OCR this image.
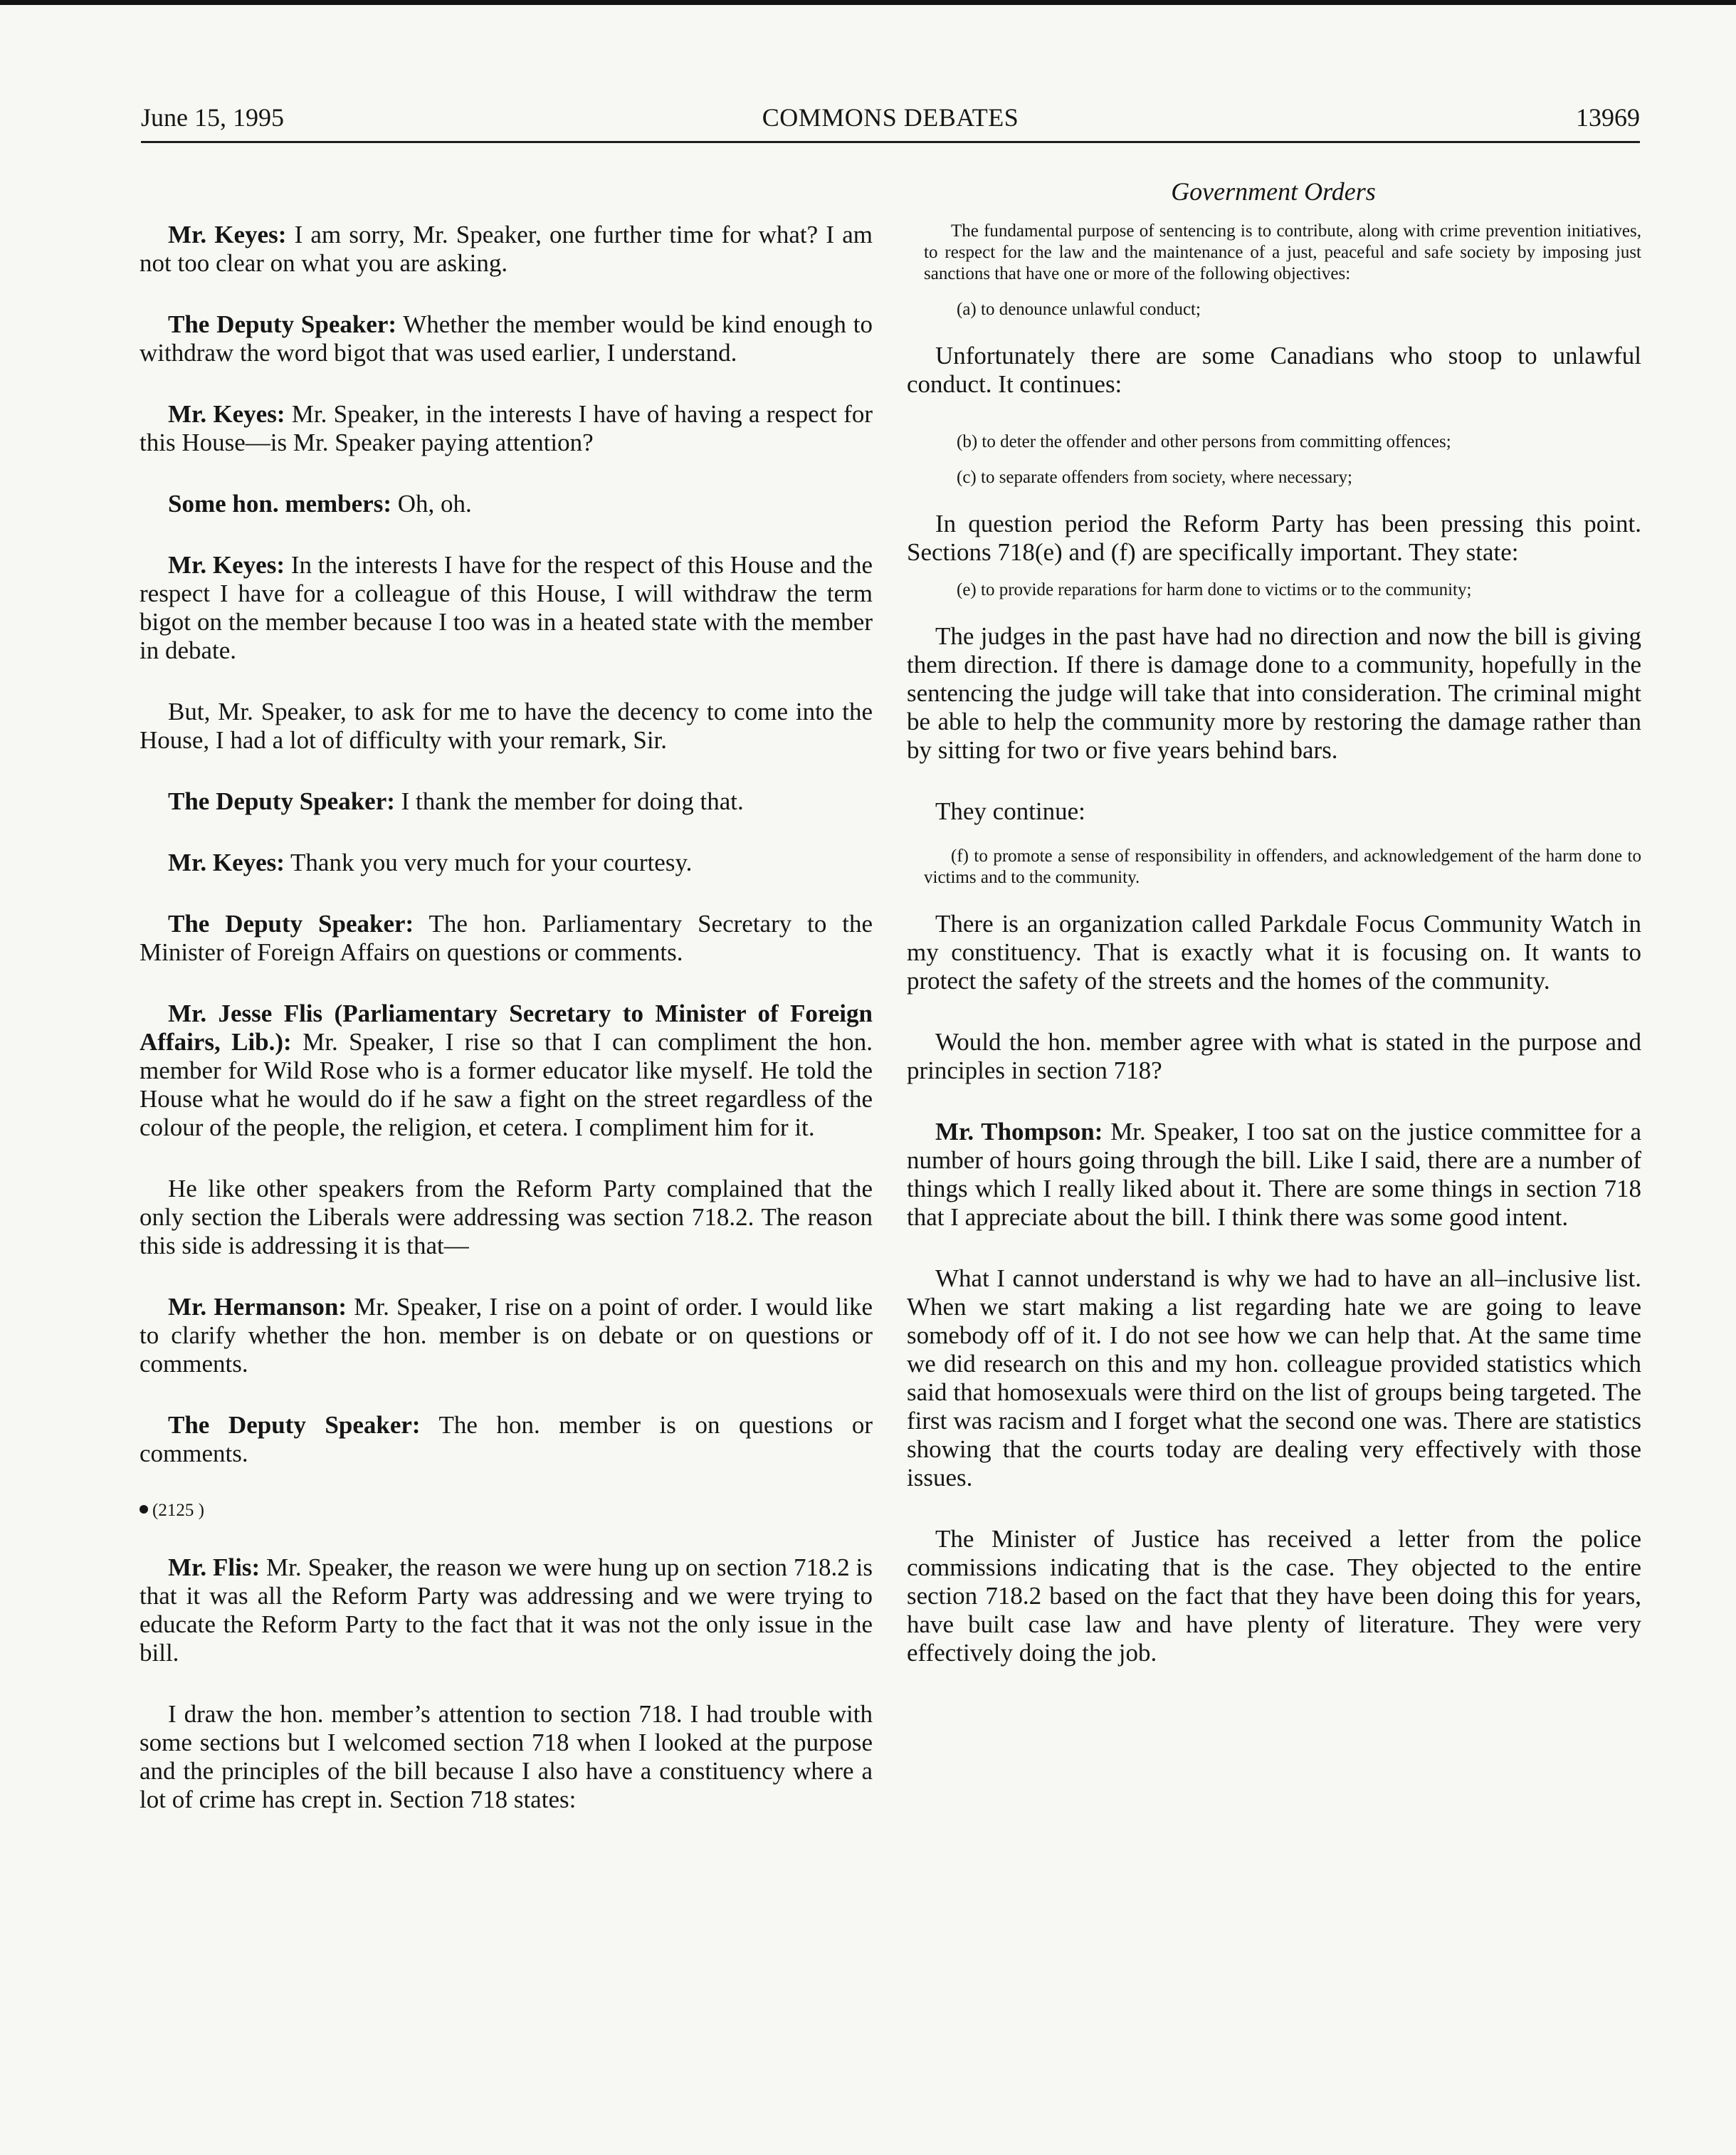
June 15, 1995	COMMONS DEBATES	13969
Government Orders

Mr. Keyes: I am sorry, Mr. Speaker, one further time for what? I am not too clear on what you are asking.

The Deputy Speaker: Whether the member would be kind enough to withdraw the word bigot that was used earlier, I understand.

Mr. Keyes: Mr. Speaker, in the interests I have of having a respect for this House—is Mr. Speaker paying attention?

Some hon. members: Oh, oh.

Mr. Keyes: In the interests I have for the respect of this House and the respect I have for a colleague of this House, I will withdraw the term bigot on the member because I too was in a heated state with the member in debate.

But, Mr. Speaker, to ask for me to have the decency to come into the House, I had a lot of difficulty with your remark, Sir.

The Deputy Speaker: I thank the member for doing that.

Mr. Keyes: Thank you very much for your courtesy.

The Deputy Speaker: The hon. Parliamentary Secretary to the Minister of Foreign Affairs on questions or comments.

Mr. Jesse Flis (Parliamentary Secretary to Minister of Foreign Affairs, Lib.): Mr. Speaker, I rise so that I can compliment the hon. member for Wild Rose who is a former educator like myself. He told the House what he would do if he saw a fight on the street regardless of the colour of the people, the religion, et cetera. I compliment him for it.

He like other speakers from the Reform Party complained that the only section the Liberals were addressing was section 718.2. The reason this side is addressing it is that—

Mr. Hermanson: Mr. Speaker, I rise on a point of order. I would like to clarify whether the hon. member is on debate or on questions or comments.

The Deputy Speaker: The hon. member is on questions or comments.

(2125 )

Mr. Flis: Mr. Speaker, the reason we were hung up on section 718.2 is that it was all the Reform Party was addressing and we were trying to educate the Reform Party to the fact that it was not the only issue in the bill.

I draw the hon. member’s attention to section 718. I had trouble with some sections but I welcomed section 718 when I looked at the purpose and the principles of the bill because I also have a constituency where a lot of crime has crept in. Section 718 states:

The fundamental purpose of sentencing is to contribute, along with crime prevention initiatives, to respect for the law and the maintenance of a just, peaceful and safe society by imposing just sanctions that have one or more of the following objectives:

(a) to denounce unlawful conduct;

Unfortunately there are some Canadians who stoop to unlawful conduct. It continues:

(b) to deter the offender and other persons from committing offences;

(c) to separate offenders from society, where necessary;

In question period the Reform Party has been pressing this point. Sections 718(e) and (f) are specifically important. They state:

(e) to provide reparations for harm done to victims or to the community;

The judges in the past have had no direction and now the bill is giving them direction. If there is damage done to a community, hopefully in the sentencing the judge will take that into consideration. The criminal might be able to help the community more by restoring the damage rather than by sitting for two or five years behind bars.

They continue:

(f) to promote a sense of responsibility in offenders, and acknowledgement of the harm done to victims and to the community.

There is an organization called Parkdale Focus Community Watch in my constituency. That is exactly what it is focusing on. It wants to protect the safety of the streets and the homes of the community.

Would the hon. member agree with what is stated in the purpose and principles in section 718?

Mr. Thompson: Mr. Speaker, I too sat on the justice committee for a number of hours going through the bill. Like I said, there are a number of things which I really liked about it. There are some things in section 718 that I appreciate about the bill. I think there was some good intent.

What I cannot understand is why we had to have an all–inclusive list. When we start making a list regarding hate we are going to leave somebody off of it. I do not see how we can help that. At the same time we did research on this and my hon. colleague provided statistics which said that homosexuals were third on the list of groups being targeted. The first was racism and I forget what the second one was. There are statistics showing that the courts today are dealing very effectively with those issues.

The Minister of Justice has received a letter from the police commissions indicating that is the case. They objected to the entire section 718.2 based on the fact that they have been doing this for years, have built case law and have plenty of literature. They were very effectively doing the job.
